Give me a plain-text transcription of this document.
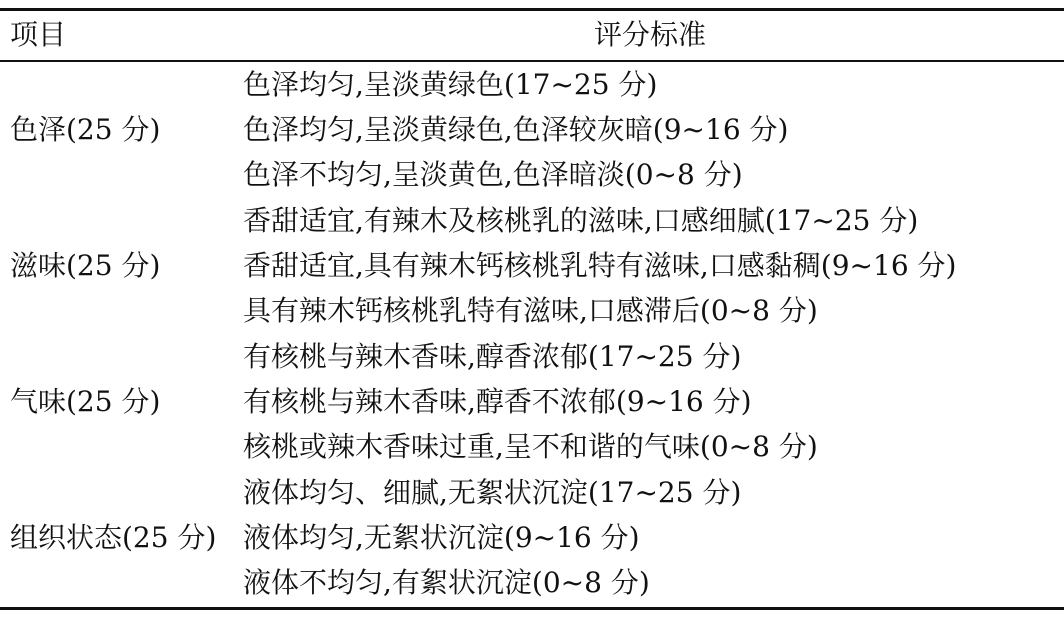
项目	评分标准
色泽(25 分)
色泽均匀,呈淡黄绿色(17~25 分)
色泽均匀,呈淡黄绿色,色泽较灰暗(9~16 分)
色泽不均匀,呈淡黄色,色泽暗淡(0~8 分)
滋味(25 分)
香甜适宜,有辣木及核桃乳的滋味,口感细腻(17~25 分)
香甜适宜,具有辣木钙核桃乳特有滋味,口感黏稠(9~16 分)
具有辣木钙核桃乳特有滋味,口感滞后(0~8 分)
气味(25 分)
有核桃与辣木香味,醇香浓郁(17~25 分)
有核桃与辣木香味,醇香不浓郁(9~16 分)
核桃或辣木香味过重,呈不和谐的气味(0~8 分)
组织状态(25 分)
液体均匀、细腻,无絮状沉淀(17~25 分)
液体均匀,无絮状沉淀(9~16 分)
液体不均匀,有絮状沉淀(0~8 分)
